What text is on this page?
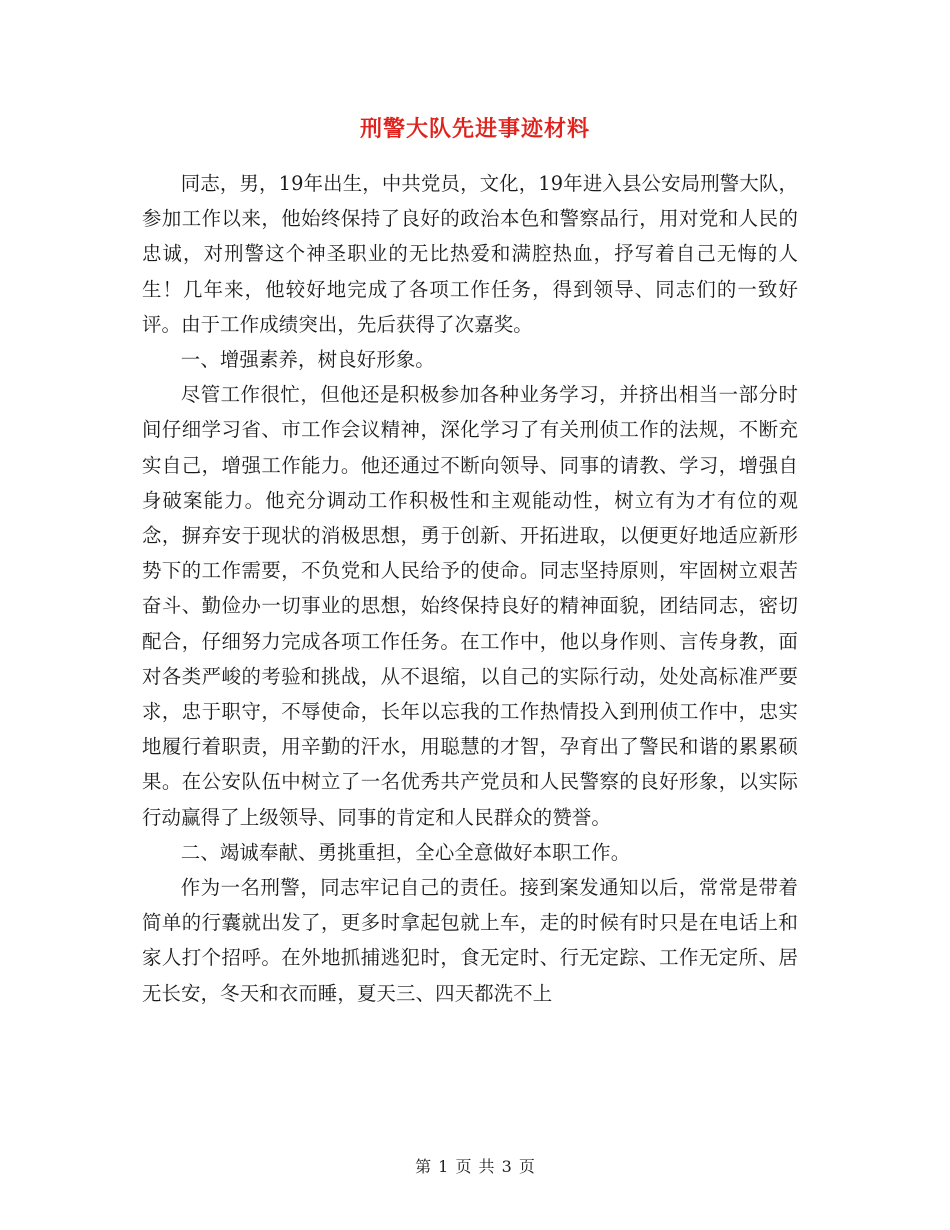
刑警大队先进事迹材料

同志，男，19年出生，中共党员，文化，19年进入县公安局刑警大队，参加工作以来，他始终保持了良好的政治本色和警察品行，用对党和人民的忠诚，对刑警这个神圣职业的无比热爱和满腔热血，抒写着自己无悔的人生！几年来，他较好地完成了各项工作任务，得到领导、同志们的一致好评。由于工作成绩突出，先后获得了次嘉奖。

一、增强素养，树良好形象。

尽管工作很忙，但他还是积极参加各种业务学习，并挤出相当一部分时间仔细学习省、市工作会议精神，深化学习了有关刑侦工作的法规，不断充实自己，增强工作能力。他还通过不断向领导、同事的请教、学习，增强自身破案能力。他充分调动工作积极性和主观能动性，树立有为才有位的观念，摒弃安于现状的消极思想，勇于创新、开拓进取，以便更好地适应新形势下的工作需要，不负党和人民给予的使命。同志坚持原则，牢固树立艰苦奋斗、勤俭办一切事业的思想，始终保持良好的精神面貌，团结同志，密切配合，仔细努力完成各项工作任务。在工作中，他以身作则、言传身教，面对各类严峻的考验和挑战，从不退缩，以自己的实际行动，处处高标准严要求，忠于职守，不辱使命，长年以忘我的工作热情投入到刑侦工作中，忠实地履行着职责，用辛勤的汗水，用聪慧的才智，孕育出了警民和谐的累累硕果。在公安队伍中树立了一名优秀共产党员和人民警察的良好形象，以实际行动赢得了上级领导、同事的肯定和人民群众的赞誉。

二、竭诚奉献、勇挑重担，全心全意做好本职工作。

作为一名刑警，同志牢记自己的责任。接到案发通知以后，常常是带着简单的行囊就出发了，更多时拿起包就上车，走的时候有时只是在电话上和家人打个招呼。在外地抓捕逃犯时，食无定时、行无定踪、工作无定所、居无长安，冬天和衣而睡，夏天三、四天都洗不上

第 1 页 共 3 页
